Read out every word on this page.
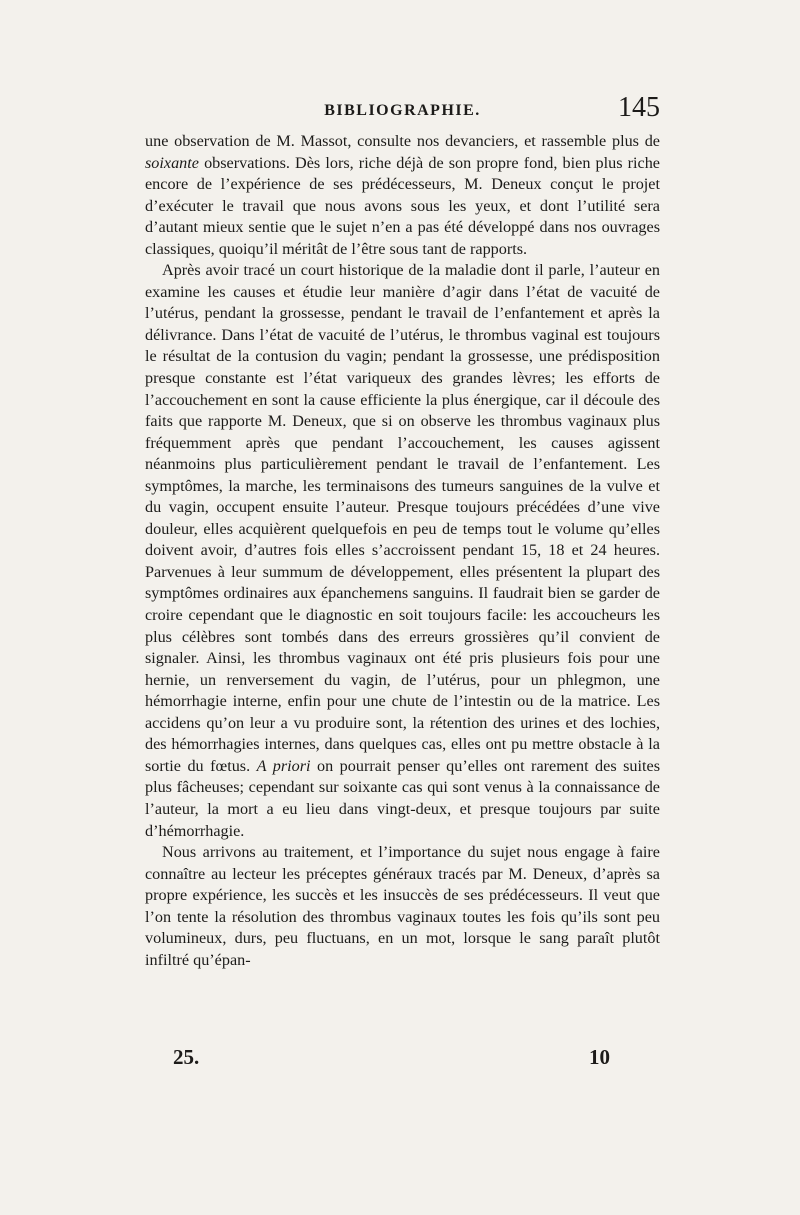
BIBLIOGRAPHIE.	145

une observation de M. Massot, consulte nos devanciers, et rassemble plus de soixante observations. Dès lors, riche déjà de son propre fond, bien plus riche encore de l’expérience de ses prédécesseurs, M. Deneux conçut le projet d’exécuter le travail que nous avons sous les yeux, et dont l’utilité sera d’autant mieux sentie que le sujet n’en a pas été développé dans nos ouvrages classiques, quoiqu’il méritât de l’être sous tant de rapports.

Après avoir tracé un court historique de la maladie dont il parle, l’auteur en examine les causes et étudie leur manière d’agir dans l’état de vacuité de l’utérus, pendant la grossesse, pendant le travail de l’enfantement et après la délivrance. Dans l’état de vacuité de l’utérus, le thrombus vaginal est toujours le résultat de la contusion du vagin; pendant la grossesse, une prédisposition presque constante est l’état variqueux des grandes lèvres; les efforts de l’accouchement en sont la cause efficiente la plus énergique, car il découle des faits que rapporte M. Deneux, que si on observe les thrombus vaginaux plus fréquemment après que pendant l’accouchement, les causes agissent néanmoins plus particulièrement pendant le travail de l’enfantement. Les symptômes, la marche, les terminaisons des tumeurs sanguines de la vulve et du vagin, occupent ensuite l’auteur. Presque toujours précédées d’une vive douleur, elles acquièrent quelquefois en peu de temps tout le volume qu’elles doivent avoir, d’autres fois elles s’accroissent pendant 15, 18 et 24 heures. Parvenues à leur summum de développement, elles présentent la plupart des symptômes ordinaires aux épanchemens sanguins. Il faudrait bien se garder de croire cependant que le diagnostic en soit toujours facile: les accoucheurs les plus célèbres sont tombés dans des erreurs grossières qu’il convient de signaler. Ainsi, les thrombus vaginaux ont été pris plusieurs fois pour une hernie, un renversement du vagin, de l’utérus, pour un phlegmon, une hémorrhagie interne, enfin pour une chute de l’intestin ou de la matrice. Les accidens qu’on leur a vu produire sont, la rétention des urines et des lochies, des hémorrhagies internes, dans quelques cas, elles ont pu mettre obstacle à la sortie du fœtus. A priori on pourrait penser qu’elles ont rarement des suites plus fâcheuses; cependant sur soixante cas qui sont venus à la connaissance de l’auteur, la mort a eu lieu dans vingt-deux, et presque toujours par suite d’hémorrhagie.

Nous arrivons au traitement, et l’importance du sujet nous engage à faire connaître au lecteur les préceptes généraux tracés par M. Deneux, d’après sa propre expérience, les succès et les insuccès de ses prédécesseurs. Il veut que l’on tente la résolution des thrombus vaginaux toutes les fois qu’ils sont peu volumineux, durs, peu fluctuans, en un mot, lorsque le sang paraît plutôt infiltré qu’épan-

25.	10
